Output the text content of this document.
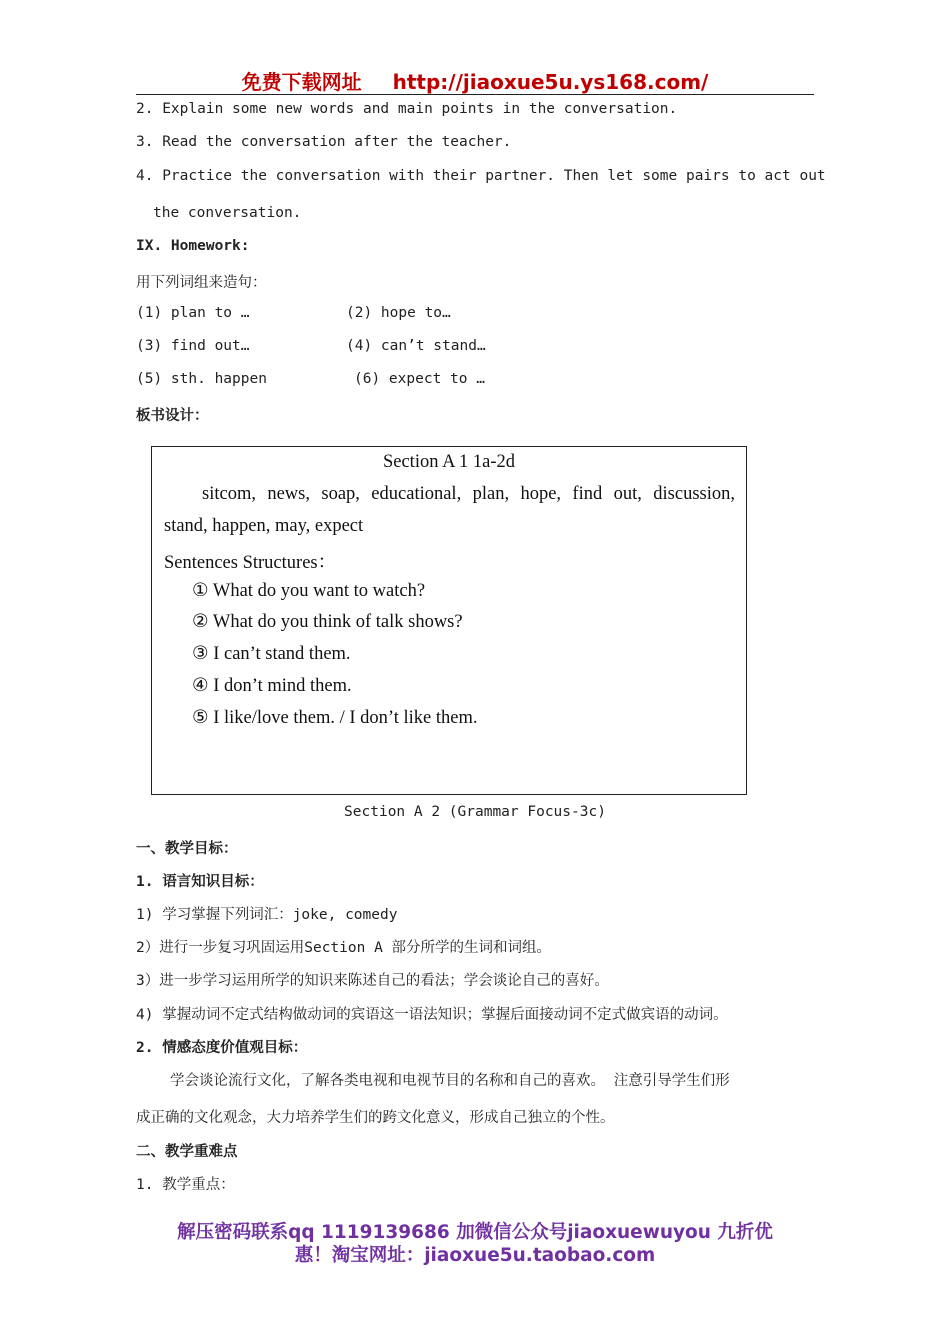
免费下载网址 http://jiaoxue5u.ys168.com/
2. Explain some new words and main points in the conversation.
3. Read the conversation after the teacher.
4. Practice the conversation with their partner. Then let some pairs to act out
the conversation.
IX. Homework:
用下列词组来造句：
(1) plan to …	(2) hope to…
(3) find out…	(4) can’t stand…
(5) sth. happen	(6) expect to …
板书设计：
Section A 1 1a-2d
sitcom, news, soap, educational, plan, hope, find out, discussion,
stand, happen, may, expect
Sentences Structures：
① What do you want to watch?
② What do you think of talk shows?
③ I can’t stand them.
④ I don’t mind them.
⑤ I like/love them. / I don’t like them.
Section A 2 (Grammar Focus-3c)
一、教学目标：
1. 语言知识目标：
1) 学习掌握下列词汇：joke, comedy
2）进行一步复习巩固运用Section A 部分所学的生词和词组。
3）进一步学习运用所学的知识来陈述自己的看法；学会谈论自己的喜好。
4) 掌握动词不定式结构做动词的宾语这一语法知识；掌握后面接动词不定式做宾语的动词。
2. 情感态度价值观目标：
学会谈论流行文化，了解各类电视和电视节目的名称和自己的喜欢。 注意引导学生们形
成正确的文化观念，大力培养学生们的跨文化意义，形成自己独立的个性。
二、教学重难点
1. 教学重点：
解压密码联系qq 1119139686 加微信公众号jiaoxuewuyou 九折优
惠！淘宝网址：jiaoxue5u.taobao.com
